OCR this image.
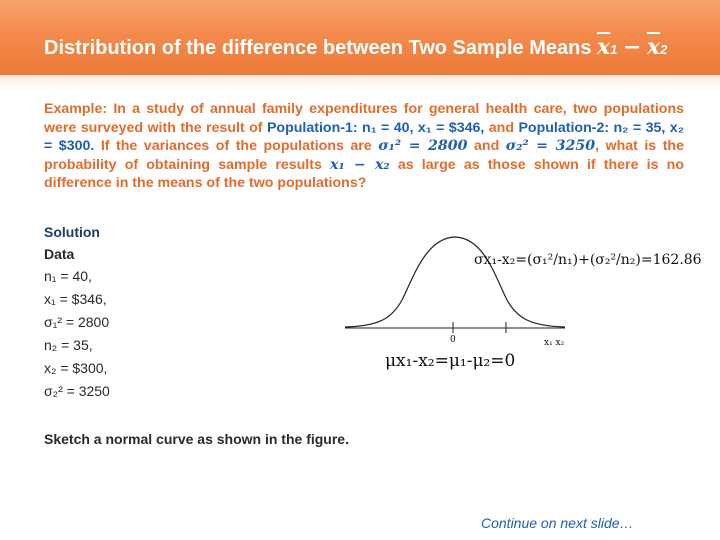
Distribution of the difference between Two Sample Means $\overline{x}1 - \overline{x}2$
Example: In a study of annual family expenditures for general health care, two populations were surveyed with the result of Population-1: n₁ = 40, x₁ = $346, and Population-2: n₂ = 35, x₂ = $300. If the variances of the populations are σ₁² = 2800 and σ₂² = 3250, what is the probability of obtaining sample results x₁ − x₂ as large as those shown if there is no difference in the means of the two populations?
Solution
Data
n₁ = 40,
x₁ = $346,
σ₁² = 2800
n₂ = 35,
x₂ = $300,
σ₂² = 3250
σx₁-x₂=(σ₁²/n₁)+(σ₂²/n₂)=162.86
0	x₁ x₂
μx₁-x₂=μ₁-μ₂=0
Sketch a normal curve as shown in the figure.
Continue on next slide…
